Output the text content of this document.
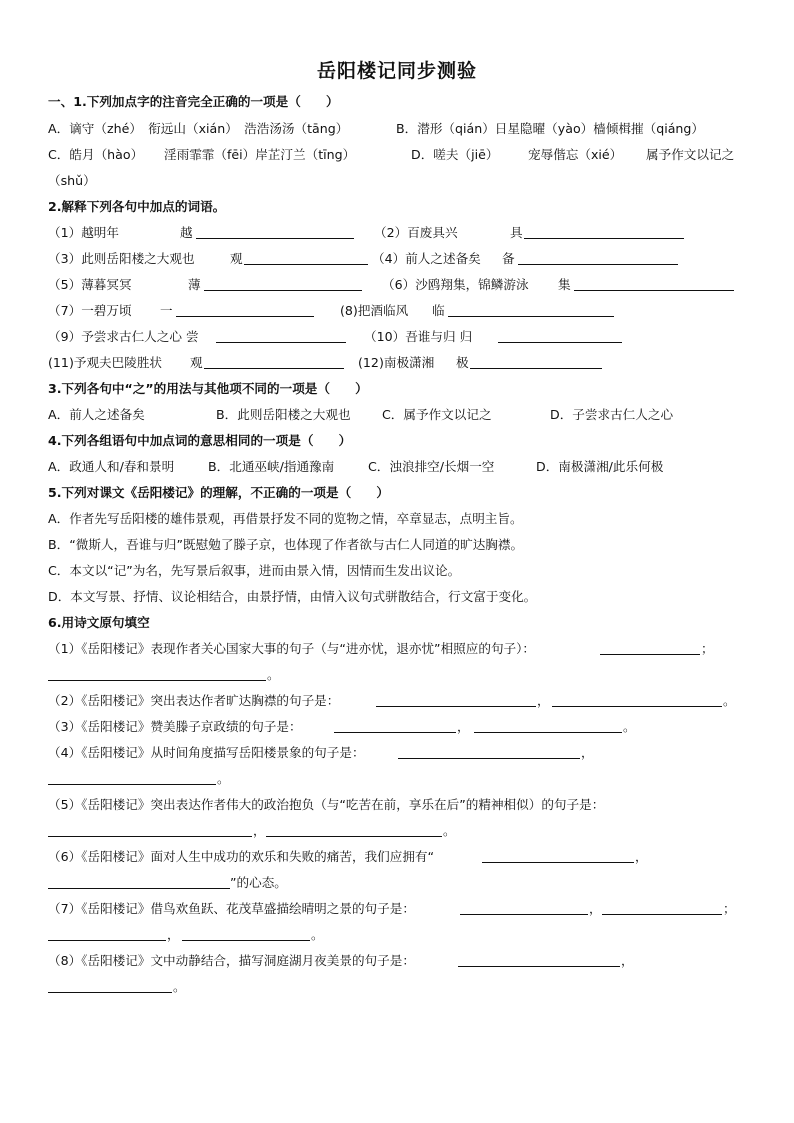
岳阳楼记同步测验
一、1.下列加点字的注音完全正确的一项是（　　）
A．谪守（zhé）　衔远山（xián）　浩浩汤汤（tāng）	B．潜形（qián）日星隐曜（yào）樯倾楫摧（qiáng）
C．皓月（hào） 淫雨霏霏（fēi）岸芷汀兰（tīng）	D．嗟夫（jiē） 宠辱偕忘（xié） 属予作文以记之
（shǔ）
2.解释下列各句中加点的词语。
（1）越明年	越	（2）百废具兴	具
（3）此则岳阳楼之大观也	观	（4）前人之述备矣 备
（5）薄暮冥冥	薄	（6）沙鸥翔集，锦鳞游泳 集
（7）一碧万顷 一	(8)把酒临风 临
（9）予尝求古仁人之心 尝	（10）吾谁与归 归
(11)予观夫巴陵胜状 观	(12)南极潇湘 极
3.下列各句中“之”的用法与其他项不同的一项是（　　）
A．前人之述备矣	B．此则岳阳楼之大观也 C．属予作文以记之	D．子尝求古仁人之心
4.下列各组语句中加点词的意思相同的一项是（　　）
A．政通人和/春和景明	B．北通巫峡/指通豫南	C．浊浪排空/长烟一空	D．南极潇湘/此乐何极
5.下列对课文《岳阳楼记》的理解，不正确的一项是（　　）
A．作者先写岳阳楼的雄伟景观，再借景抒发不同的览物之情，卒章显志，点明主旨。
B．“微斯人，吾谁与归”既慰勉了滕子京，也体现了作者欲与古仁人同道的旷达胸襟。
C．本文以“记”为名，先写景后叙事，进而由景入情，因情而生发出议论。
D．本文写景、抒情、议论相结合，由景抒情，由情入议句式骈散结合，行文富于变化。
6.用诗文原句填空
（1）《岳阳楼记》表现作者关心国家大事的句子（与“进亦忧，退亦忧”相照应的句子）：	；
。
（2）《岳阳楼记》突出表达作者旷达胸襟的句子是：	，	。
（3）《岳阳楼记》赞美滕子京政绩的句子是：	，	。
（4）《岳阳楼记》从时间角度描写岳阳楼景象的句子是：	，
。
（5）《岳阳楼记》突出表达作者伟大的政治抱负（与“吃苦在前，享乐在后”的精神相似）的句子是：
，	。
（6）《岳阳楼记》面对人生中成功的欢乐和失败的痛苦，我们应拥有“	，
”的心态。
（7）《岳阳楼记》借鸟欢鱼跃、花茂草盛描绘晴明之景的句子是：	，	；
，	。
（8）《岳阳楼记》文中动静结合，描写洞庭湖月夜美景的句子是：	，
。
